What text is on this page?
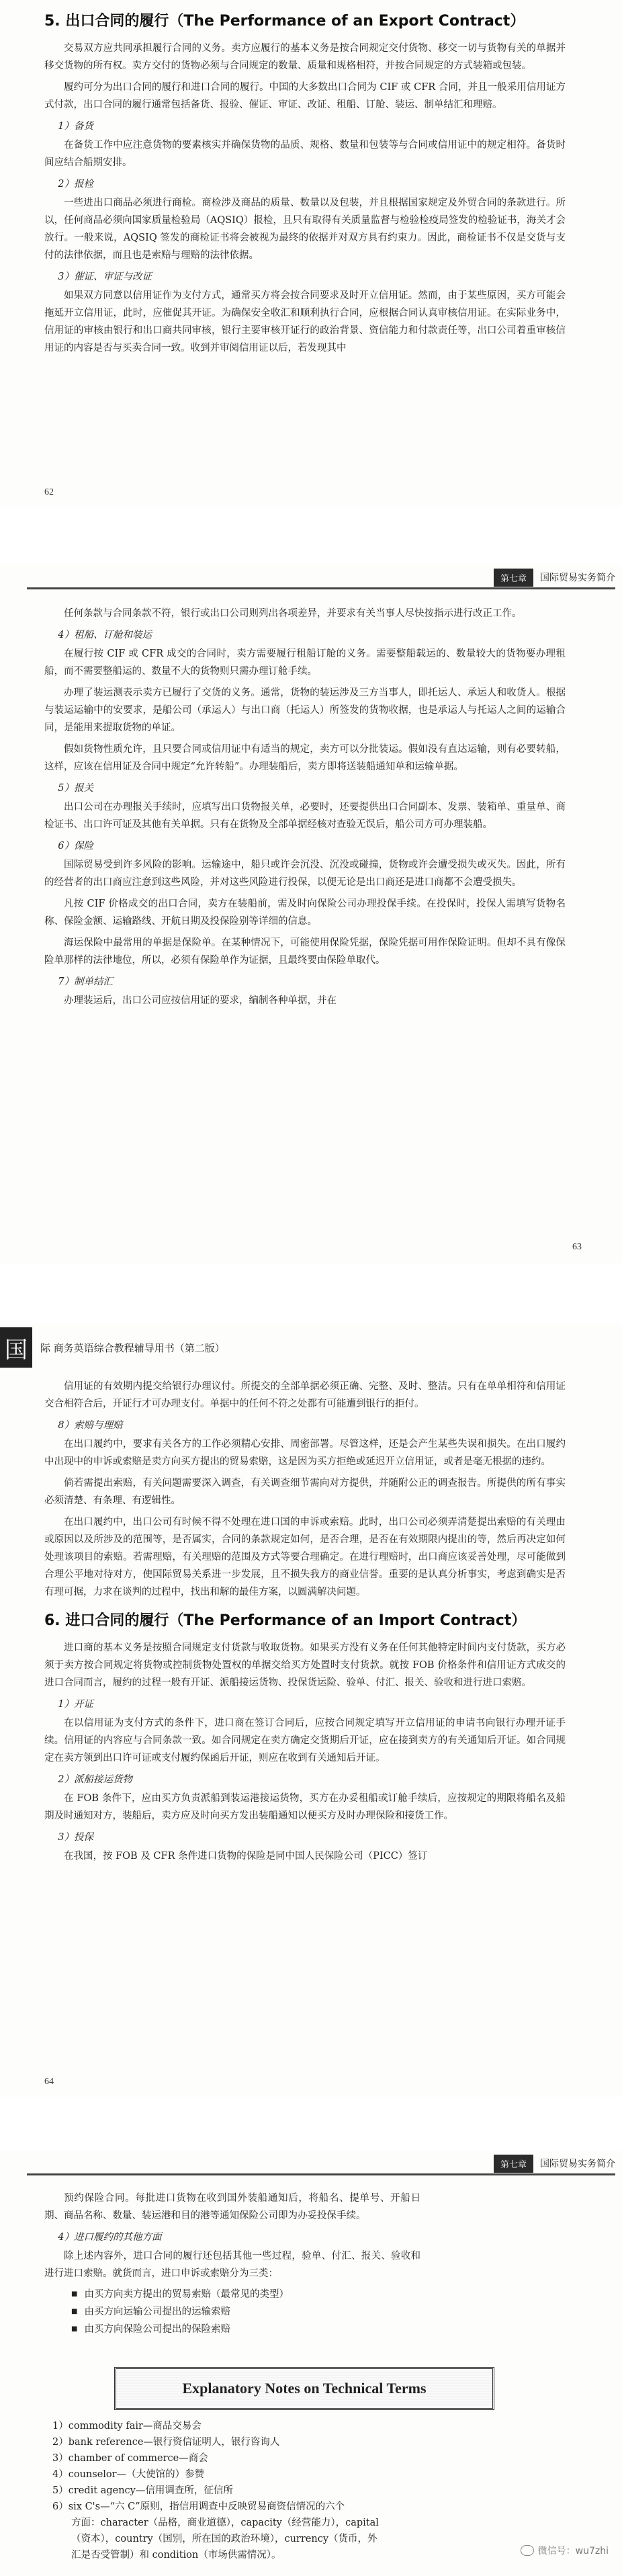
5. 出口合同的履行（The Performance of an Export Contract）

交易双方应共同承担履行合同的义务。卖方应履行的基本义务是按合同规定交付货物、移交一切与货物有关的单据并移交货物的所有权。卖方交付的货物必须与合同规定的数量、质量和规格相符，并按合同规定的方式装箱或包装。

履约可分为出口合同的履行和进口合同的履行。中国的大多数出口合同为 CIF 或 CFR 合同，并且一般采用信用证方式付款，出口合同的履行通常包括备货、报验、催证、审证、改证、租船、订舱、装运、制单结汇和理赔。

1）备货

在备货工作中应注意货物的要素核实并确保货物的品质、规格、数量和包装等与合同或信用证中的规定相符。备货时间应结合船期安排。

2）报检

一些进出口商品必须进行商检。商检涉及商品的质量、数量以及包装，并且根据国家规定及外贸合同的条款进行。所以，任何商品必须向国家质量检验局（AQSIQ）报检，且只有取得有关质量监督与检验检疫局签发的检验证书，海关才会放行。一般来说，AQSIQ 签发的商检证书将会被视为最终的依据并对双方具有约束力。因此，商检证书不仅是交货与支付的法律依据，而且也是索赔与理赔的法律依据。

3）催证、审证与改证

如果双方同意以信用证作为支付方式，通常买方将会按合同要求及时开立信用证。然而，由于某些原因，买方可能会拖延开立信用证，此时，应催促其开证。为确保安全收汇和顺利执行合同，应根据合同认真审核信用证。在实际业务中，信用证的审核由银行和出口商共同审核，银行主要审核开证行的政治背景、资信能力和付款责任等，出口公司着重审核信用证的内容是否与买卖合同一致。收到并审阅信用证以后，若发现其中

62
第七章	国际贸易实务简介

任何条款与合同条款不符，银行或出口公司则列出各项差异，并要求有关当事人尽快按指示进行改正工作。

4）租船、订舱和装运

在履行按 CIF 或 CFR 成交的合同时，卖方需要履行租船订舱的义务。需要整船载运的、数量较大的货物要办理租船，而不需要整船运的、数量不大的货物则只需办理订舱手续。

办理了装运测表示卖方已履行了交货的义务。通常，货物的装运涉及三方当事人，即托运人、承运人和收货人。根据与装运运输中的安要求，是船公司（承运人）与出口商（托运人）所签发的货物收据，也是承运人与托运人之间的运输合同，是能用来提取货物的单证。

假如货物性质允许，且只要合同或信用证中有适当的规定，卖方可以分批装运。假如没有直达运输，则有必要转船，这样，应该在信用证及合同中规定“允许转船”。办理装船后，卖方即将送装船通知单和运输单据。

5）报关

出口公司在办理报关手续时，应填写出口货物报关单，必要时，还要提供出口合同副本、发票、装箱单、重量单、商检证书、出口许可证及其他有关单据。只有在货物及全部单据经核对查验无误后，船公司方可办理装船。

6）保险

国际贸易受到许多风险的影响。运输途中，船只或许会沉没、沉没或碰撞，货物或许会遭受损失或灭失。因此，所有的经营者的出口商应注意到这些风险，并对这些风险进行投保，以便无论是出口商还是进口商都不会遭受损失。

凡按 CIF 价格成交的出口合同，卖方在装船前，需及时向保险公司办理投保手续。在投保时，投保人需填写货物名称、保险金额、运输路线、开航日期及投保险别等详细的信息。

海运保险中最常用的单据是保险单。在某种情况下，可能使用保险凭据，保险凭据可用作保险证明。但却不具有像保险单那样的法律地位，所以，必须有保险单作为证据，且最终要由保险单取代。

7）制单结汇

办理装运后，出口公司应按信用证的要求，编制各种单据，并在

63
国	际 商务英语综合教程辅导用书（第二版）

信用证的有效期内提交给银行办理议付。所提交的全部单据必须正确、完整、及时、整洁。只有在单单相符和信用证交合相符合后，开证行才可办理支付。单据中的任何不符之处都有可能遭到银行的拒付。

8）索赔与理赔

在出口履约中，要求有关各方的工作必须精心安排、周密部署。尽管这样，还是会产生某些失误和损失。在出口履约中出现中的申诉或索赔是卖方向买方提出的贸易索赔，这是因为买方拒绝或延迟开立信用证，或者是毫无根据的违约。

倘若需提出索赔，有关问题需要深入调查，有关调查细节需向对方提供，并随附公正的调查报告。所提供的所有事实必须清楚、有条理、有逻辑性。

在出口履约中，出口公司有时候不得不处理在进口国的申诉或索赔。此时，出口公司必须弄清楚提出索赔的有关理由或原因以及所涉及的范围等，是否属实，合同的条款规定如何，是否合理，是否在有效期限内提出的等，然后再决定如何处理该项目的索赔。若需理赔，有关理赔的范围及方式等要合理确定。在进行理赔时，出口商应该妥善处理，尽可能做到合理公平地对待对方，使国际贸易关系进一步发展，且不损失我方的商业信誉。重要的是认真分析事实，考虑到确实是否有理可据，力求在谈判的过程中，找出和解的最佳方案，以圆满解决问题。

6. 进口合同的履行（The Performance of an Import Contract）

进口商的基本义务是按照合同规定支付货款与收取货物。如果买方没有义务在任何其他特定时间内支付货款，买方必须于卖方按合同规定将货物或控制货物处置权的单据交给买方处置时支付货款。就按 FOB 价格条件和信用证方式成交的进口合同而言，履约的过程一般有开证、派船接运货物、投保货运险、验单、付汇、报关、验收和进行进口索赔。

1）开证

在以信用证为支付方式的条件下，进口商在签订合同后，应按合同规定填写开立信用证的申请书向银行办理开证手续。信用证的内容应与合同条款一致。如合同规定在卖方确定交货期后开证，应在接到卖方的有关通知后开证。如合同规定在卖方领到出口许可证或支付履约保函后开证，则应在收到有关通知后开证。

2）派船接运货物

在 FOB 条件下，应由买方负责派船到装运港接运货物，买方在办妥租船或订舱手续后，应按规定的期限将船名及船期及时通知对方，装船后，卖方应及时向买方发出装船通知以便买方及时办理保险和接货工作。

3）投保

在我国，按 FOB 及 CFR 条件进口货物的保险是同中国人民保险公司（PICC）签订

64
第七章	国际贸易实务简介

预约保险合同。每批进口货物在收到国外装船通知后，将船名、提单号、开船日期、商品名称、数量、装运港和目的港等通知保险公司即为办妥投保手续。

4）进口履约的其他方面

除上述内容外，进口合同的履行还包括其他一些过程，验单、付汇、报关、验收和进行进口索赔。就货而言，进口申诉或索赔分为三类：

■ 由买方向卖方提出的贸易索赔（最常见的类型）
■ 由买方向运输公司提出的运输索赔
■ 由买方向保险公司提出的保险索赔
Explanatory Notes on Technical Terms
1）commodity fair—商品交易会
2）bank reference—银行资信证明人，银行咨询人
3）chamber of commerce—商会
4）counselor—（大使馆的）参赞
5）credit agency—信用调查所，征信所
6）six C's—“六 C”原则，指信用调查中反映贸易商资信情况的六个
方面：character（品格，商业道德），capacity（经营能力），capital
（资本），country（国别，所在国的政治环境），currency（货币，外
汇是否受管制）和 condition（市场供需情况）。	微信号：wu7zhi
